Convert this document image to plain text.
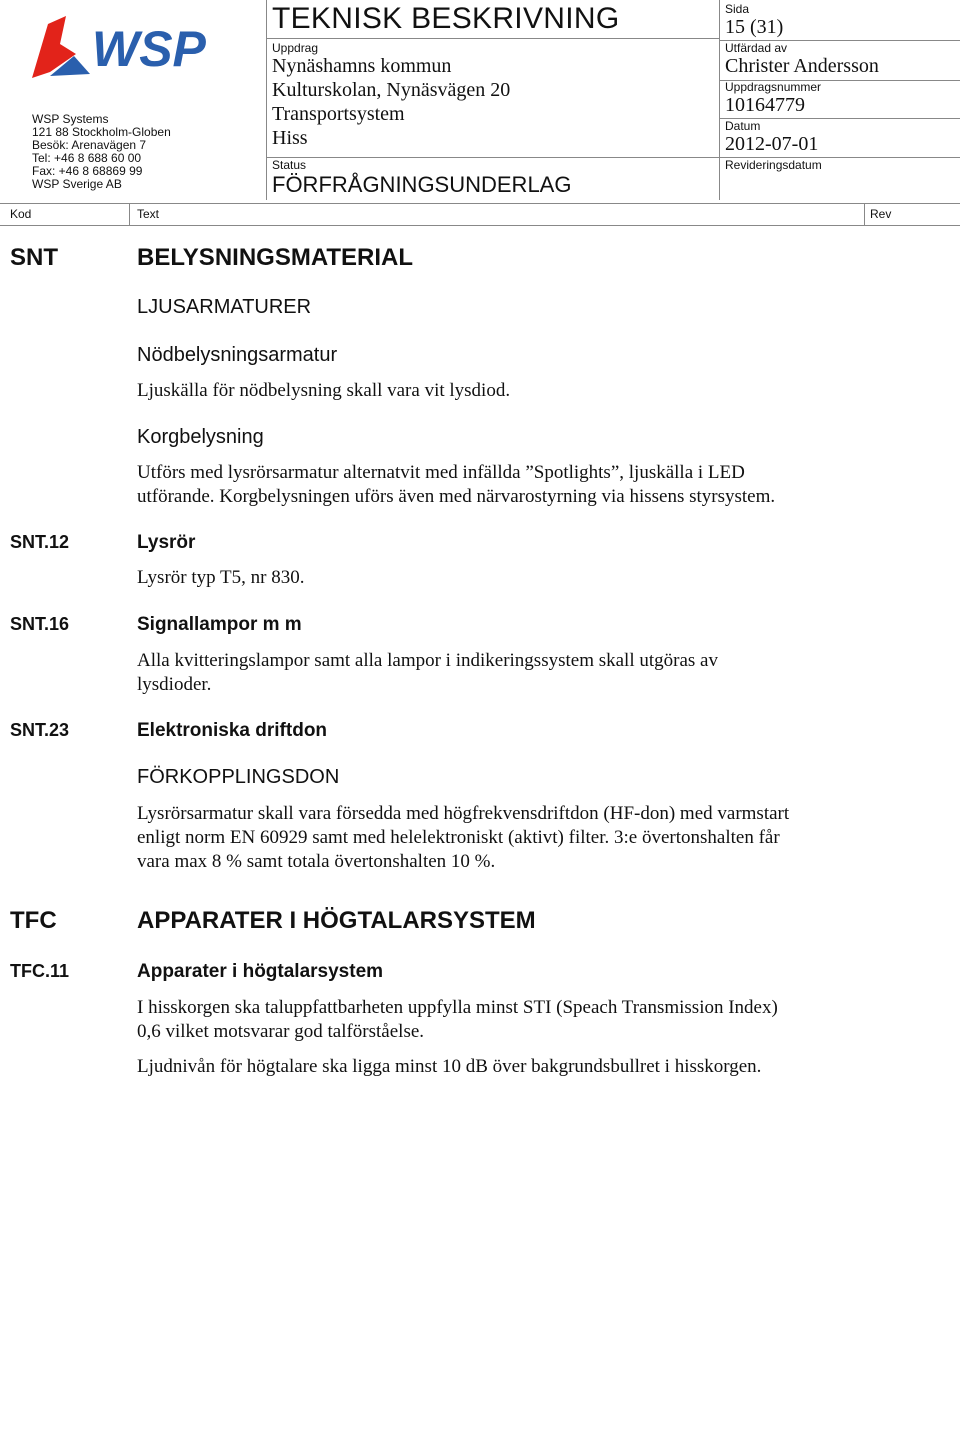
WSP
WSP Systems
121 88 Stockholm-Globen
Besök: Arenavägen 7
Tel: +46 8 688 60 00
Fax: +46 8 68869 99
WSP Sverige AB
TEKNISK BESKRIVNING
Uppdrag
Nynäshamns kommun
Kulturskolan, Nynäsvägen 20
Transportsystem
Hiss
Status
FÖRFRÅGNINGSUNDERLAG
Sida
15 (31)
Utfärdad av
Christer Andersson
Uppdragsnummer
10164779
Datum
2012-07-01
Revideringsdatum
Kod	Text	Rev
SNT	BELYSNINGSMATERIAL
LJUSARMATURER
Nödbelysningsarmatur
Ljuskälla för nödbelysning skall vara vit lysdiod.
Korgbelysning
Utförs med lysrörsarmatur alternatvit med infällda ”Spotlights”, ljuskälla i LED
utförande. Korgbelysningen uförs även med närvarostyrning via hissens styrsystem.
SNT.12	Lysrör
Lysrör typ T5, nr 830.
SNT.16	Signallampor m m
Alla kvitteringslampor samt alla lampor i indikeringssystem skall utgöras av
lysdioder.
SNT.23	Elektroniska driftdon
FÖRKOPPLINGSDON
Lysrörsarmatur skall vara försedda med högfrekvensdriftdon (HF-don) med varmstart
enligt norm EN 60929 samt med helelektroniskt (aktivt) filter. 3:e övertonshalten får
vara max 8 % samt totala övertonshalten 10 %.
TFC	APPARATER I HÖGTALARSYSTEM
TFC.11	Apparater i högtalarsystem
I hisskorgen ska taluppfattbarheten uppfylla minst STI (Speach Transmission Index)
0,6 vilket motsvarar god talförståelse.
Ljudnivån för högtalare ska ligga minst 10 dB över bakgrundsbullret i hisskorgen.
